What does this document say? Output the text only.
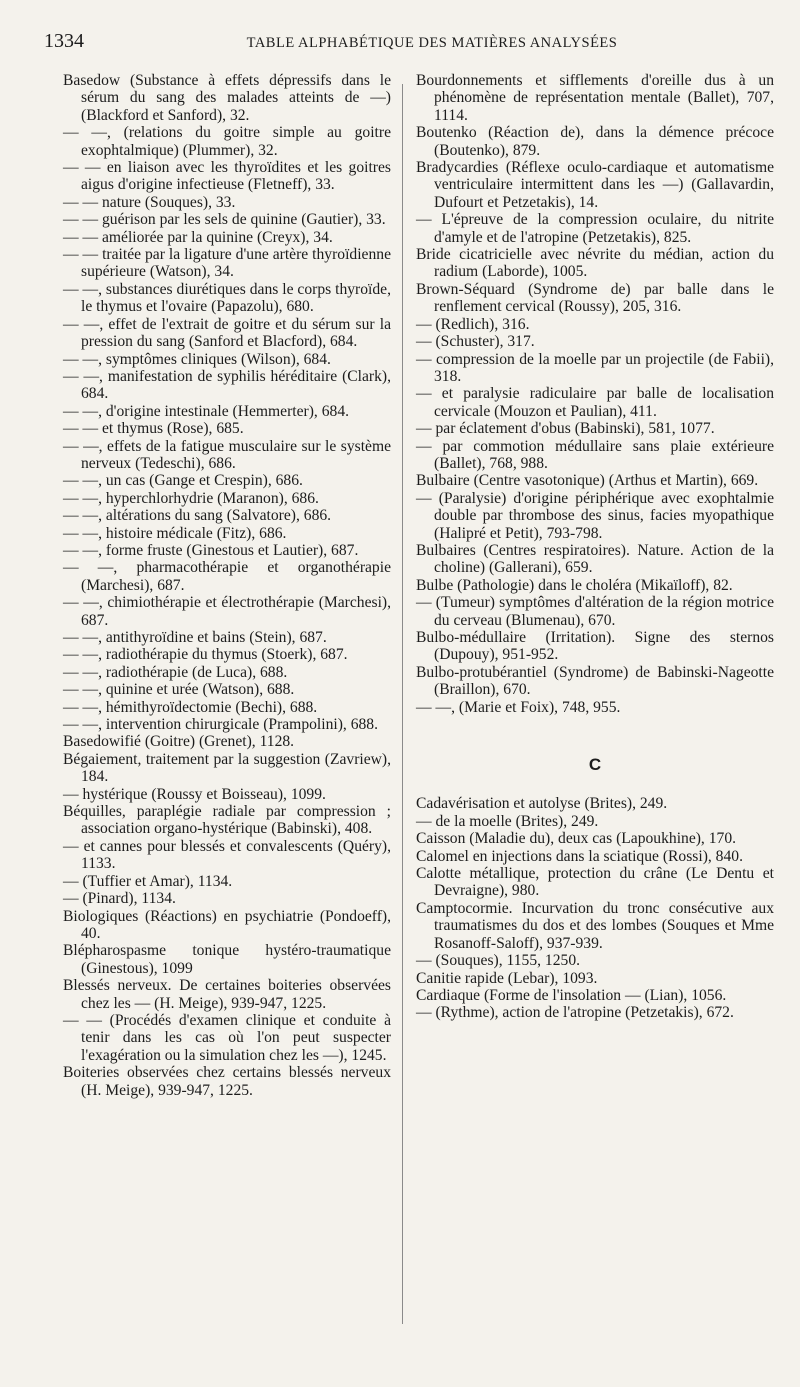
1334	TABLE ALPHABÉTIQUE DES MATIÈRES ANALYSÉES

Basedow (Substance à effets dépressifs dans le sérum du sang des malades atteints de —)(Blackford et Sanford), 32.

— —, (relations du goitre simple au goitre exophtalmique) (Plummer), 32.

— — en liaison avec les thyroïdites et les goitres aigus d'origine infectieuse (Fletneff), 33.

— — nature (Souques), 33.

— — guérison par les sels de quinine (Gautier), 33.

— — améliorée par la quinine (Creyx), 34.

— — traitée par la ligature d'une artère thyroïdienne supérieure (Watson), 34.

— —, substances diurétiques dans le corps thyroïde, le thymus et l'ovaire (Papazolu), 680.

— —, effet de l'extrait de goitre et du sérum sur la pression du sang (Sanford et Blacford), 684.

— —, symptômes cliniques (Wilson), 684.

— —, manifestation de syphilis héréditaire (Clark), 684.

— —, d'origine intestinale (Hemmerter), 684.

— — et thymus (Rose), 685.

— —, effets de la fatigue musculaire sur le système nerveux (Tedeschi), 686.

— —, un cas (Gange et Crespin), 686.

— —, hyperchlorhydrie (Maranon), 686.

— —, altérations du sang (Salvatore), 686.

— —, histoire médicale (Fitz), 686.

— —, forme fruste (Ginestous et Lautier), 687.

— —, pharmacothérapie et organothérapie (Marchesi), 687.

— —, chimiothérapie et électrothérapie (Marchesi), 687.

— —, antithyroïdine et bains (Stein), 687.

— —, radiothérapie du thymus (Stoerk), 687.

— —, radiothérapie (de Luca), 688.

— —, quinine et urée (Watson), 688.

— —, hémithyroïdectomie (Bechi), 688.

— —, intervention chirurgicale (Prampolini), 688.

Basedowifié (Goitre) (Grenet), 1128.

Bégaiement, traitement par la suggestion (Zavriew), 184.

— hystérique (Roussy et Boisseau), 1099.

Béquilles, paraplégie radiale par compression ; association organo-hystérique (Babinski), 408.

— et cannes pour blessés et convalescents (Quéry), 1133.

— (Tuffier et Amar), 1134.

— (Pinard), 1134.

Biologiques (Réactions) en psychiatrie (Pondoeff), 40.

Blépharospasme tonique hystéro-traumatique (Ginestous), 1099

Blessés nerveux. De certaines boiteries observées chez les — (H. Meige), 939-947, 1225.

— — (Procédés d'examen clinique et conduite à tenir dans les cas où l'on peut suspecter l'exagération ou la simulation chez les —), 1245.

Boiteries observées chez certains blessés nerveux (H. Meige), 939-947, 1225.

Bourdonnements et sifflements d'oreille dus à un phénomène de représentation mentale (Ballet), 707, 1114.

Boutenko (Réaction de), dans la démence précoce (Boutenko), 879.

Bradycardies (Réflexe oculo-cardiaque et automatisme ventriculaire intermittent dans les —) (Gallavardin, Dufourt et Petzetakis), 14.

— L'épreuve de la compression oculaire, du nitrite d'amyle et de l'atropine (Petzetakis), 825.

Bride cicatricielle avec névrite du médian, action du radium (Laborde), 1005.

Brown-Séquard (Syndrome de) par balle dans le renflement cervical (Roussy), 205, 316.

— (Redlich), 316.

— (Schuster), 317.

— compression de la moelle par un projectile (de Fabii), 318.

— et paralysie radiculaire par balle de localisation cervicale (Mouzon et Paulian), 411.

— par éclatement d'obus (Babinski), 581, 1077.

— par commotion médullaire sans plaie extérieure (Ballet), 768, 988.

Bulbaire (Centre vasotonique) (Arthus et Martin), 669.

— (Paralysie) d'origine périphérique avec exophtalmie double par thrombose des sinus, facies myopathique (Halipré et Petit), 793-798.

Bulbaires (Centres respiratoires). Nature. Action de la choline) (Gallerani), 659.

Bulbe (Pathologie) dans le choléra (Mikaïloff), 82.

— (Tumeur) symptômes d'altération de la région motrice du cerveau (Blumenau), 670.

Bulbo-médullaire (Irritation). Signe des sternos (Dupouy), 951-952.

Bulbo-protubérantiel (Syndrome) de Babinski-Nageotte (Braillon), 670.

— —, (Marie et Foix), 748, 955.

C

Cadavérisation et autolyse (Brites), 249.

— de la moelle (Brites), 249.

Caisson (Maladie du), deux cas (Lapoukhine), 170.

Calomel en injections dans la sciatique (Rossi), 840.

Calotte métallique, protection du crâne (Le Dentu et Devraigne), 980.

Camptocormie. Incurvation du tronc consécutive aux traumatismes du dos et des lombes (Souques et Mme Rosanoff-Saloff), 937-939.

— (Souques), 1155, 1250.

Canitie rapide (Lebar), 1093.

Cardiaque (Forme de l'insolation — (Lian), 1056.

— (Rythme), action de l'atropine (Petzetakis), 672.
